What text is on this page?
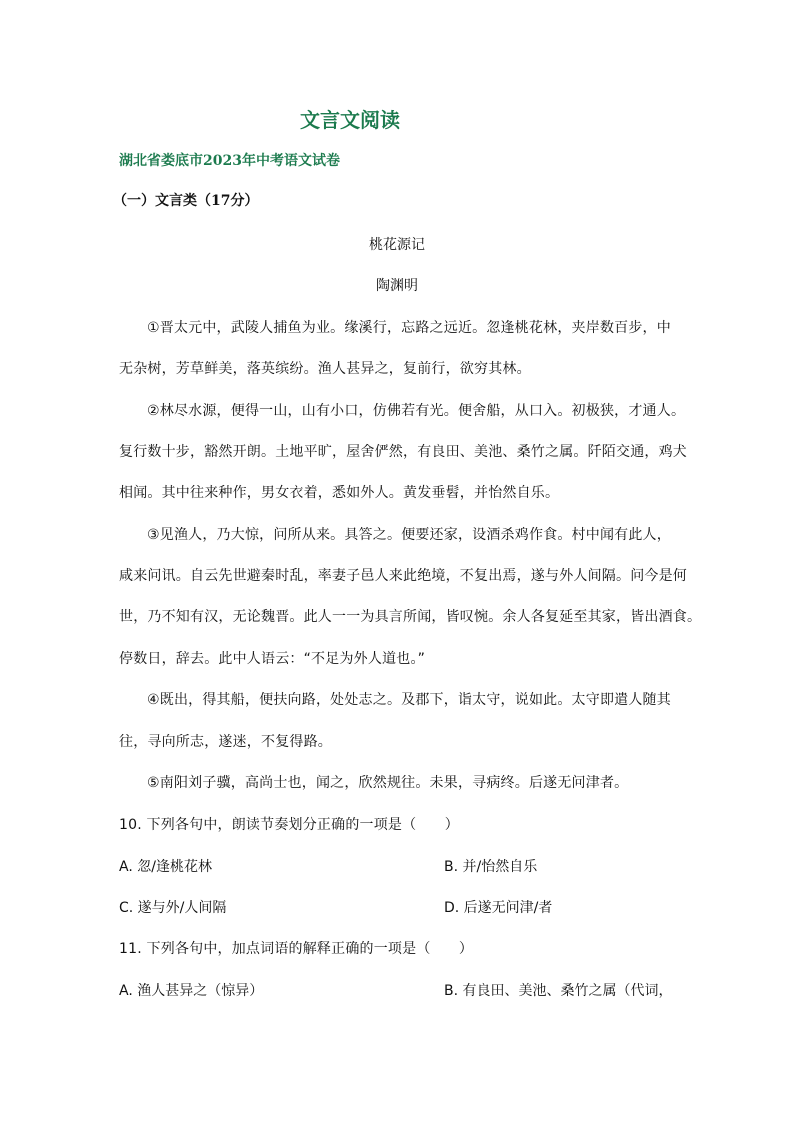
文言文阅读
湖北省娄底市2023年中考语文试卷
（一）文言类（17分）
桃花源记
陶渊明
①晋太元中，武陵人捕鱼为业。缘溪行，忘路之远近。忽逢桃花林，夹岸数百步，中
无杂树，芳草鲜美，落英缤纷。渔人甚异之，复前行，欲穷其林。
②林尽水源，便得一山，山有小口，仿佛若有光。便舍船，从口入。初极狭，才通人。
复行数十步，豁然开朗。土地平旷，屋舍俨然，有良田、美池、桑竹之属。阡陌交通，鸡犬
相闻。其中往来种作，男女衣着，悉如外人。黄发垂髫，并怡然自乐。
③见渔人，乃大惊，问所从来。具答之。便要还家，设酒杀鸡作食。村中闻有此人，
咸来问讯。自云先世避秦时乱，率妻子邑人来此绝境，不复出焉，遂与外人间隔。问今是何
世，乃不知有汉，无论魏晋。此人一一为具言所闻，皆叹惋。余人各复延至其家，皆出酒食。
停数日，辞去。此中人语云：“不足为外人道也。”
④既出，得其船，便扶向路，处处志之。及郡下，诣太守，说如此。太守即遣人随其
往，寻向所志，遂迷，不复得路。
⑤南阳刘子骥，高尚士也，闻之，欣然规往。未果，寻病终。后遂无问津者。
10. 下列各句中，朗读节奏划分正确的一项是（　　）
A. 忽/逢桃花林	B. 并/怡然自乐
C. 遂与外/人间隔	D. 后遂无问津/者
11. 下列各句中，加点词语的解释正确的一项是（　　）
A. 渔人甚异之（惊异）	B. 有良田、美池、桑竹之属（代词，
